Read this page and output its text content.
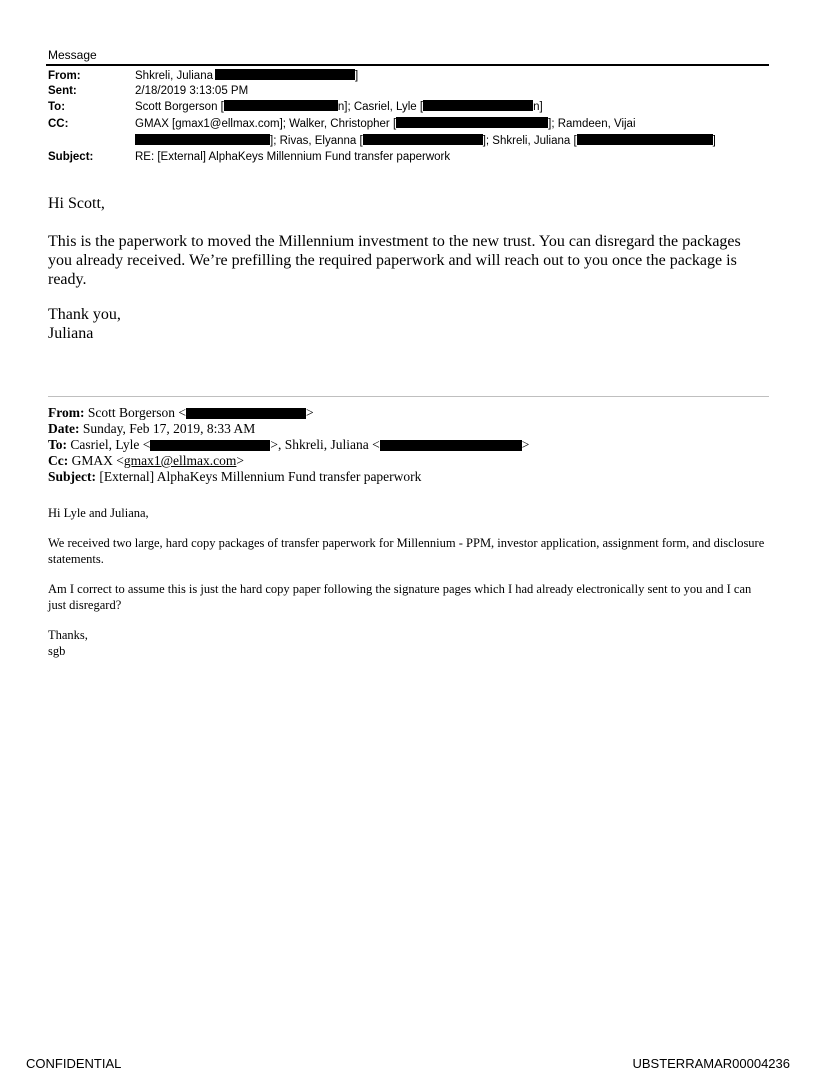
Message
From:	Shkreli, Juliana	]
Sent:	2/18/2019 3:13:05 PM
To:	Scott Borgerson [	n]; Casriel, Lyle [	n]
CC:	GMAX [gmax1@ellmax.com]; Walker, Christopher [	]; Ramdeen, Vijai
]; Rivas, Elyanna [	]; Shkreli, Juliana [	]
Subject:	RE: [External] AlphaKeys Millennium Fund transfer paperwork
Hi Scott,

This is the paperwork to moved the Millennium investment to the new trust. You can disregard the packages you already received. We’re prefilling the required paperwork and will reach out to you once the package is ready.

Thank you,
Juliana
From: Scott Borgerson <	>
Date: Sunday, Feb 17, 2019, 8:33 AM
To: Casriel, Lyle <	>, Shkreli, Juliana <	>
Cc: GMAX <gmax1@ellmax.com>
Subject: [External] AlphaKeys Millennium Fund transfer paperwork

Hi Lyle and Juliana,

We received two large, hard copy packages of transfer paperwork for Millennium - PPM, investor application, assignment form, and disclosure statements.

Am I correct to assume this is just the hard copy paper following the signature pages which I had already electronically sent to you and I can just disregard?

Thanks,
sgb
CONFIDENTIAL	UBSTERRAMAR00004236
